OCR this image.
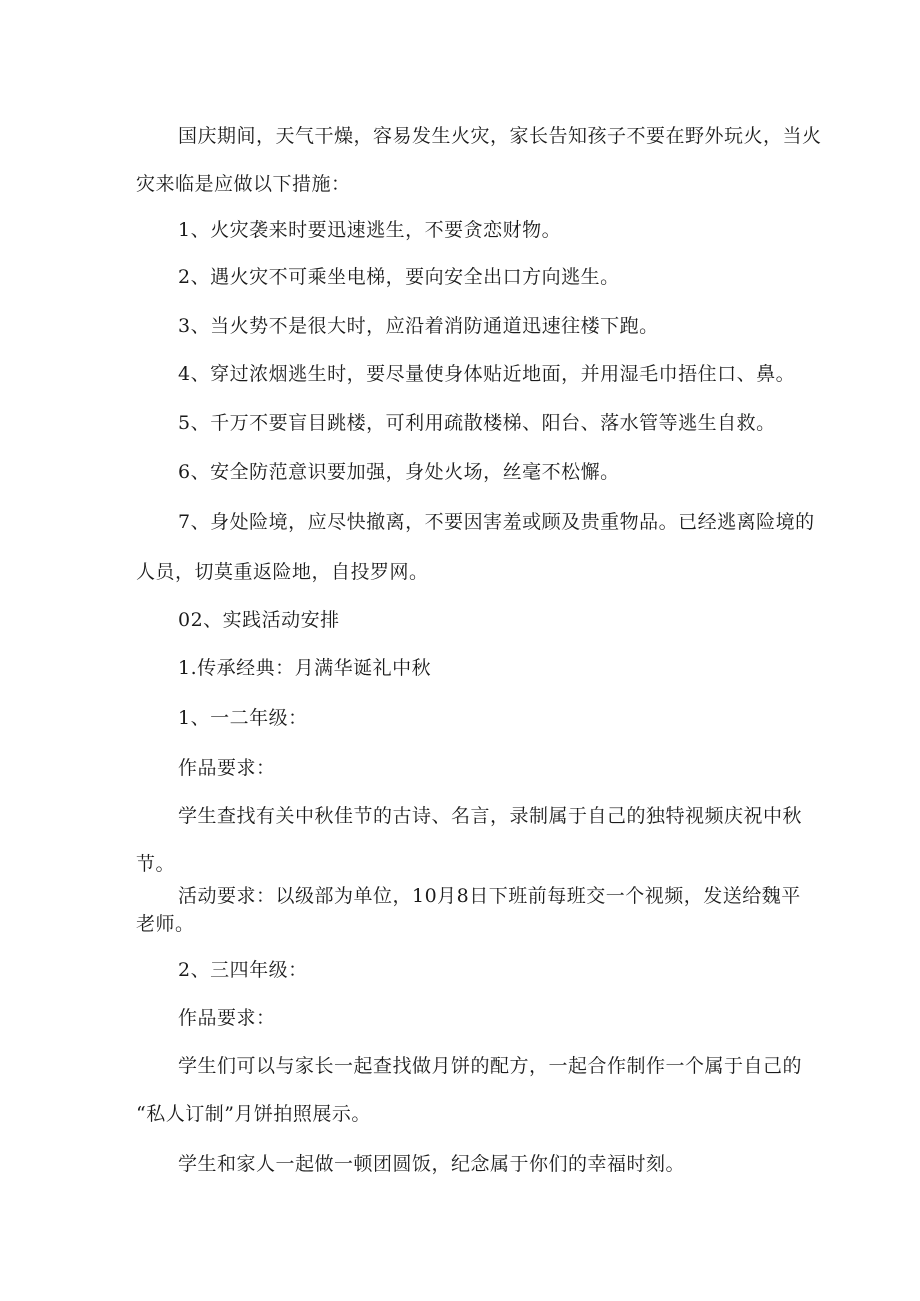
国庆期间，天气干燥，容易发生火灾，家长告知孩子不要在野外玩火，当火
灾来临是应做以下措施：
1、火灾袭来时要迅速逃生，不要贪恋财物。
2、遇火灾不可乘坐电梯，要向安全出口方向逃生。
3、当火势不是很大时，应沿着消防通道迅速往楼下跑。
4、穿过浓烟逃生时，要尽量使身体贴近地面，并用湿毛巾捂住口、鼻。
5、千万不要盲目跳楼，可利用疏散楼梯、阳台、落水管等逃生自救。
6、安全防范意识要加强，身处火场，丝毫不松懈。
7、身处险境，应尽快撤离，不要因害羞或顾及贵重物品。已经逃离险境的
人员，切莫重返险地，自投罗网。
02、实践活动安排
1.传承经典：月满华诞礼中秋
1、一二年级：
作品要求：
学生查找有关中秋佳节的古诗、名言，录制属于自己的独特视频庆祝中秋
节。
活动要求：以级部为单位，10月8日下班前每班交一个视频，发送给魏平
老师。
2、三四年级：
作品要求：
学生们可以与家长一起查找做月饼的配方，一起合作制作一个属于自己的
“私人订制”月饼拍照展示。
学生和家人一起做一顿团圆饭，纪念属于你们的幸福时刻。
